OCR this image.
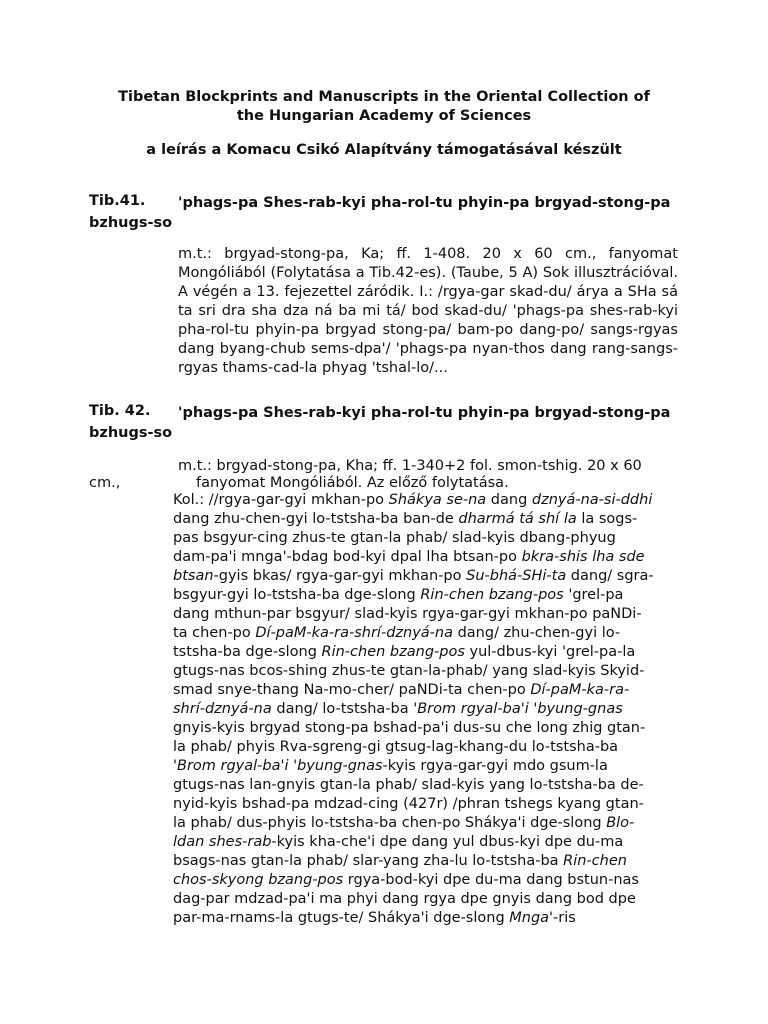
Tibetan Blockprints and Manuscripts in the Oriental Collection of

the Hungarian Academy of Sciences

a leírás a Komacu Csikó Alapítvány támogatásával készült

Tib.41.	'phags-pa Shes-rab-kyi pha-rol-tu phyin-pa brgyad-stong-pa bzhugs-so
m.t.: brgyad-stong-pa, Ka; ff. 1-408. 20 x 60 cm., fanyomat Mongóliából (Folytatása a Tib.42-es). (Taube, 5 A) Sok illusztrációval. A végén a 13. fejezettel záródik. I.: /rgya-gar skad-du/ árya a SHa sá ta sri dra sha dza ná ba mi tá/ bod skad-du/ 'phags-pa shes-rab-kyi pha-rol-tu phyin-pa brgyad stong-pa/ bam-po dang-po/ sangs-rgyas dang byang-chub sems-dpa'/ 'phags-pa nyan-thos dang rang-sangs-rgyas thams-cad-la phyag 'tshal-lo/...
Tib. 42.	'phags-pa Shes-rab-kyi pha-rol-tu phyin-pa brgyad-stong-pa bzhugs-so
m.t.: brgyad-stong-pa, Kha; ff. 1-340+2 fol. smon-tshig. 20 x 60
cm.,	fanyomat Mongóliából. Az előző folytatása.
Kol.: //rgya-gar-gyi mkhan-po Shákya se-na dang dznyá-na-si-ddhi
dang zhu-chen-gyi lo-tstsha-ba ban-de dharmá tá shí la la sogs-
pas bsgyur-cing zhus-te gtan-la phab/ slad-kyis dbang-phyug
dam-pa'i mnga'-bdag bod-kyi dpal lha btsan-po bkra-shis lha sde
btsan-gyis bkas/ rgya-gar-gyi mkhan-po Su-bhá-SHi-ta dang/ sgra-
bsgyur-gyi lo-tstsha-ba dge-slong Rin-chen bzang-pos 'grel-pa
dang mthun-par bsgyur/ slad-kyis rgya-gar-gyi mkhan-po paNDi-
ta chen-po Dí-paM-ka-ra-shrí-dznyá-na dang/ zhu-chen-gyi lo-
tstsha-ba dge-slong Rin-chen bzang-pos yul-dbus-kyi 'grel-pa-la
gtugs-nas bcos-shing zhus-te gtan-la-phab/ yang slad-kyis Skyid-
smad snye-thang Na-mo-cher/ paNDi-ta chen-po Dí-paM-ka-ra-
shrí-dznyá-na dang/ lo-tstsha-ba 'Brom rgyal-ba'i 'byung-gnas
gnyis-kyis brgyad stong-pa bshad-pa'i dus-su che long zhig gtan-
la phab/ phyis Rva-sgreng-gi gtsug-lag-khang-du lo-tstsha-ba
'Brom rgyal-ba'i 'byung-gnas-kyis rgya-gar-gyi mdo gsum-la
gtugs-nas lan-gnyis gtan-la phab/ slad-kyis yang lo-tstsha-ba de-
nyid-kyis bshad-pa mdzad-cing (427r) /phran tshegs kyang gtan-
la phab/ dus-phyis lo-tstsha-ba chen-po Shákya'i dge-slong Blo-
ldan shes-rab-kyis kha-che'i dpe dang yul dbus-kyi dpe du-ma
bsags-nas gtan-la phab/ slar-yang zha-lu lo-tstsha-ba Rin-chen
chos-skyong bzang-pos rgya-bod-kyi dpe du-ma dang bstun-nas
dag-par mdzad-pa'i ma phyi dang rgya dpe gnyis dang bod dpe
par-ma-rnams-la gtugs-te/ Shákya'i dge-slong Mnga'-ris
